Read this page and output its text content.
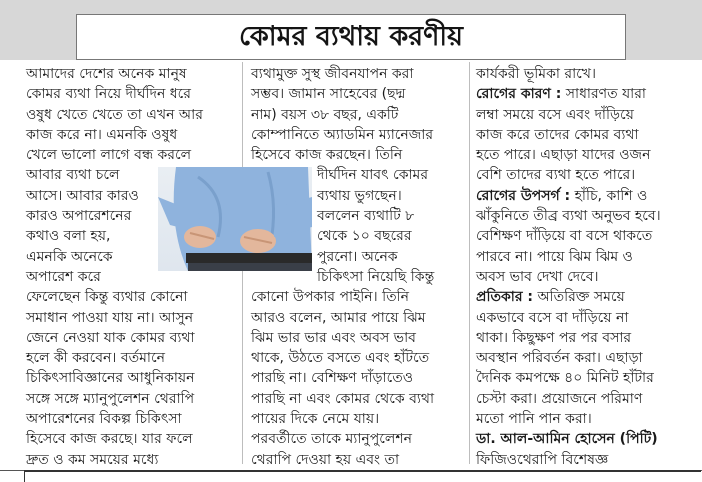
কোমর ব্যথায় করণীয়

আমাদের দেশের অনেক মানুষ

কোমর ব্যথা নিয়ে দীর্ঘদিন ধরে

ওষুধ খেতে খেতে তা এখন আর

কাজ করে না। এমনকি ওষুধ

খেলে ভালো লাগে বন্ধ করলে

আবার ব্যথা চলে

আসে। আবার কারও

কারও অপারেশনের

কথাও বলা হয়,

এমনকি অনেকে

অপারেশ করে

ফেলেছেন কিন্তু ব্যথার কোনো

সমাধান পাওয়া যায় না। আসুন

জেনে নেওয়া যাক কোমর ব্যথা

হলে কী করবেন। বর্তমানে

চিকিৎসাবিজ্ঞানের আধুনিকায়ন

সঙ্গে সঙ্গে ম্যানুপুলেশন থেরাপি

অপারেশনের বিকল্প চিকিৎসা

হিসেবে কাজ করছে। যার ফলে

দ্রুত ও কম সময়ের মধ্যে

ব্যথামুক্ত সুস্থ জীবনযাপন করা

সম্ভব। জামান সাহেবের (ছদ্ম

নাম) বয়স ৩৮ বছর, একটি

কোম্পানিতে অ্যাডমিন ম্যানেজার

হিসেবে কাজ করছেন। তিনি

দীর্ঘদিন যাবৎ কোমর

ব্যথায় ভুগছেন।

বললেন ব্যথাটি ৮

থেকে ১০ বছরের

পুরনো। অনেক

চিকিৎসা নিয়েছি কিন্তু

কোনো উপকার পাইনি। তিনি

আরও বলেন, আমার পায়ে ঝিম

ঝিম ভার ভার এবং অবস ভাব

থাকে, উঠতে বসতে এবং হাঁটতে

পারছি না। বেশিক্ষণ দাঁড়াতেও

পারছি না এবং কোমর থেকে ব্যথা

পায়ের দিকে নেমে যায়।

পরবর্তীতে তাকে ম্যানুপুলেশন

থেরাপি দেওয়া হয় এবং তা

কার্যকরী ভূমিকা রাখে।

রোগের কারণ : সাধারণত যারা

লম্বা সময়ে বসে এবং দাঁড়িয়ে

কাজ করে তাদের কোমর ব্যথা

হতে পারে। এছাড়া যাদের ওজন

বেশি তাদের ব্যথা হতে পারে।

রোগের উপসর্গ : হাঁচি, কাশি ও

ঝাঁকুনিতে তীব্র ব্যথা অনুভব হবে।

বেশিক্ষণ দাঁড়িয়ে বা বসে থাকতে

পারবে না। পায়ে ঝিম ঝিম ও

অবস ভাব দেখা দেবে।

প্রতিকার : অতিরিক্ত সময়ে

একভাবে বসে বা দাঁড়িয়ে না

থাকা। কিছুক্ষণ পর পর বসার

অবস্থান পরিবর্তন করা। এছাড়া

দৈনিক কমপক্ষে ৪০ মিনিট হাঁটার

চেস্টা করা। প্রয়োজনে পরিমাণ

মতো পানি পান করা।

ডা. আল-আমিন হোসেন (পিটি)

ফিজিওথেরাপি বিশেষজ্ঞ
